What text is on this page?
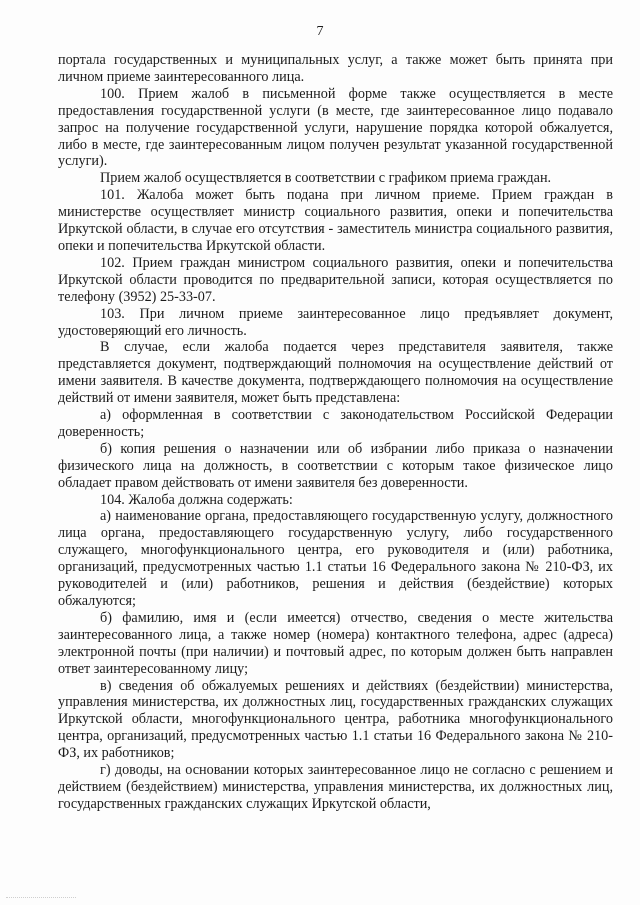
7

портала государственных и муниципальных услуг, а также может быть принята при личном приеме заинтересованного лица.

100. Прием жалоб в письменной форме также осуществляется в месте предоставления государственной услуги (в месте, где заинтересованное лицо подавало запрос на получение государственной услуги, нарушение порядка которой обжалуется, либо в месте, где заинтересованным лицом получен результат указанной государственной услуги).

Прием жалоб осуществляется в соответствии с графиком приема граждан.

101. Жалоба может быть подана при личном приеме. Прием граждан в министерстве осуществляет министр социального развития, опеки и попечительства Иркутской области, в случае его отсутствия - заместитель министра социального развития, опеки и попечительства Иркутской области.

102. Прием граждан министром социального развития, опеки и попечительства Иркутской области проводится по предварительной записи, которая осуществляется по телефону (3952) 25-33-07.

103. При личном приеме заинтересованное лицо предъявляет документ, удостоверяющий его личность.

В случае, если жалоба подается через представителя заявителя, также представляется документ, подтверждающий полномочия на осуществление действий от имени заявителя. В качестве документа, подтверждающего полномочия на осуществление действий от имени заявителя, может быть представлена:

а) оформленная в соответствии с законодательством Российской Федерации доверенность;

б) копия решения о назначении или об избрании либо приказа о назначении физического лица на должность, в соответствии с которым такое физическое лицо обладает правом действовать от имени заявителя без доверенности.

104. Жалоба должна содержать:

а) наименование органа, предоставляющего государственную услугу, должностного лица органа, предоставляющего государственную услугу, либо государственного служащего, многофункционального центра, его руководителя и (или) работника, организаций, предусмотренных частью 1.1 статьи 16 Федерального закона № 210-ФЗ, их руководителей и (или) работников, решения и действия (бездействие) которых обжалуются;

б) фамилию, имя и (если имеется) отчество, сведения о месте жительства заинтересованного лица, а также номер (номера) контактного телефона, адрес (адреса) электронной почты (при наличии) и почтовый адрес, по которым должен быть направлен ответ заинтересованному лицу;

в) сведения об обжалуемых решениях и действиях (бездействии) министерства, управления министерства, их должностных лиц, государственных гражданских служащих Иркутской области, многофункционального центра, работника многофункционального центра, организаций, предусмотренных частью 1.1 статьи 16 Федерального закона № 210-ФЗ, их работников;

г) доводы, на основании которых заинтересованное лицо не согласно с решением и действием (бездействием) министерства, управления министерства, их должностных лиц, государственных гражданских служащих Иркутской области,
